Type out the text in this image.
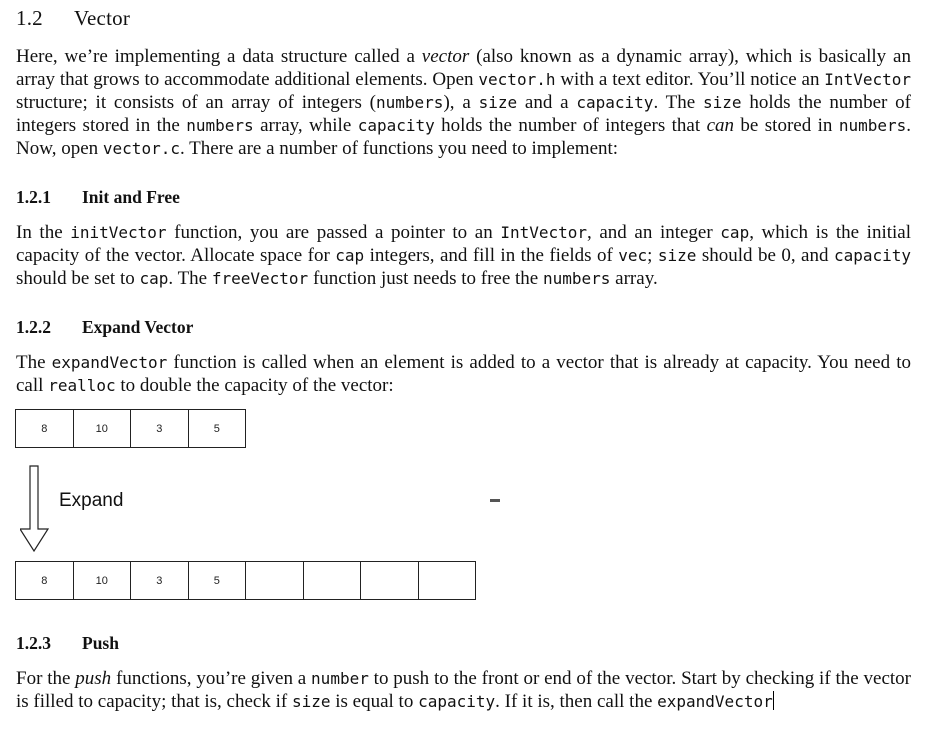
1.2 Vector

Here, we’re implementing a data structure called a vector (also known as a dynamic array), which is basically an array that grows to accommodate additional elements. Open vector.h with a text editor. You’ll notice an IntVector structure; it consists of an array of integers (numbers), a size and a capacity. The size holds the number of integers stored in the numbers array, while capacity holds the number of integers that can be stored in numbers. Now, open vector.c. There are a number of functions you need to implement:

1.2.1 Init and Free

In the initVector function, you are passed a pointer to an IntVector, and an integer cap, which is the initial capacity of the vector. Allocate space for cap integers, and fill in the fields of vec; size should be 0, and capacity should be set to cap. The freeVector function just needs to free the numbers array.

1.2.2 Expand Vector

The expandVector function is called when an element is added to a vector that is already at capacity. You need to call realloc to double the capacity of the vector:

8	10	3	5
Expand
8	10	3	5
1.2.3 Push

For the push functions, you’re given a number to push to the front or end of the vector. Start by checking if the vector is filled to capacity; that is, check if size is equal to capacity. If it is, then call the expandVector
